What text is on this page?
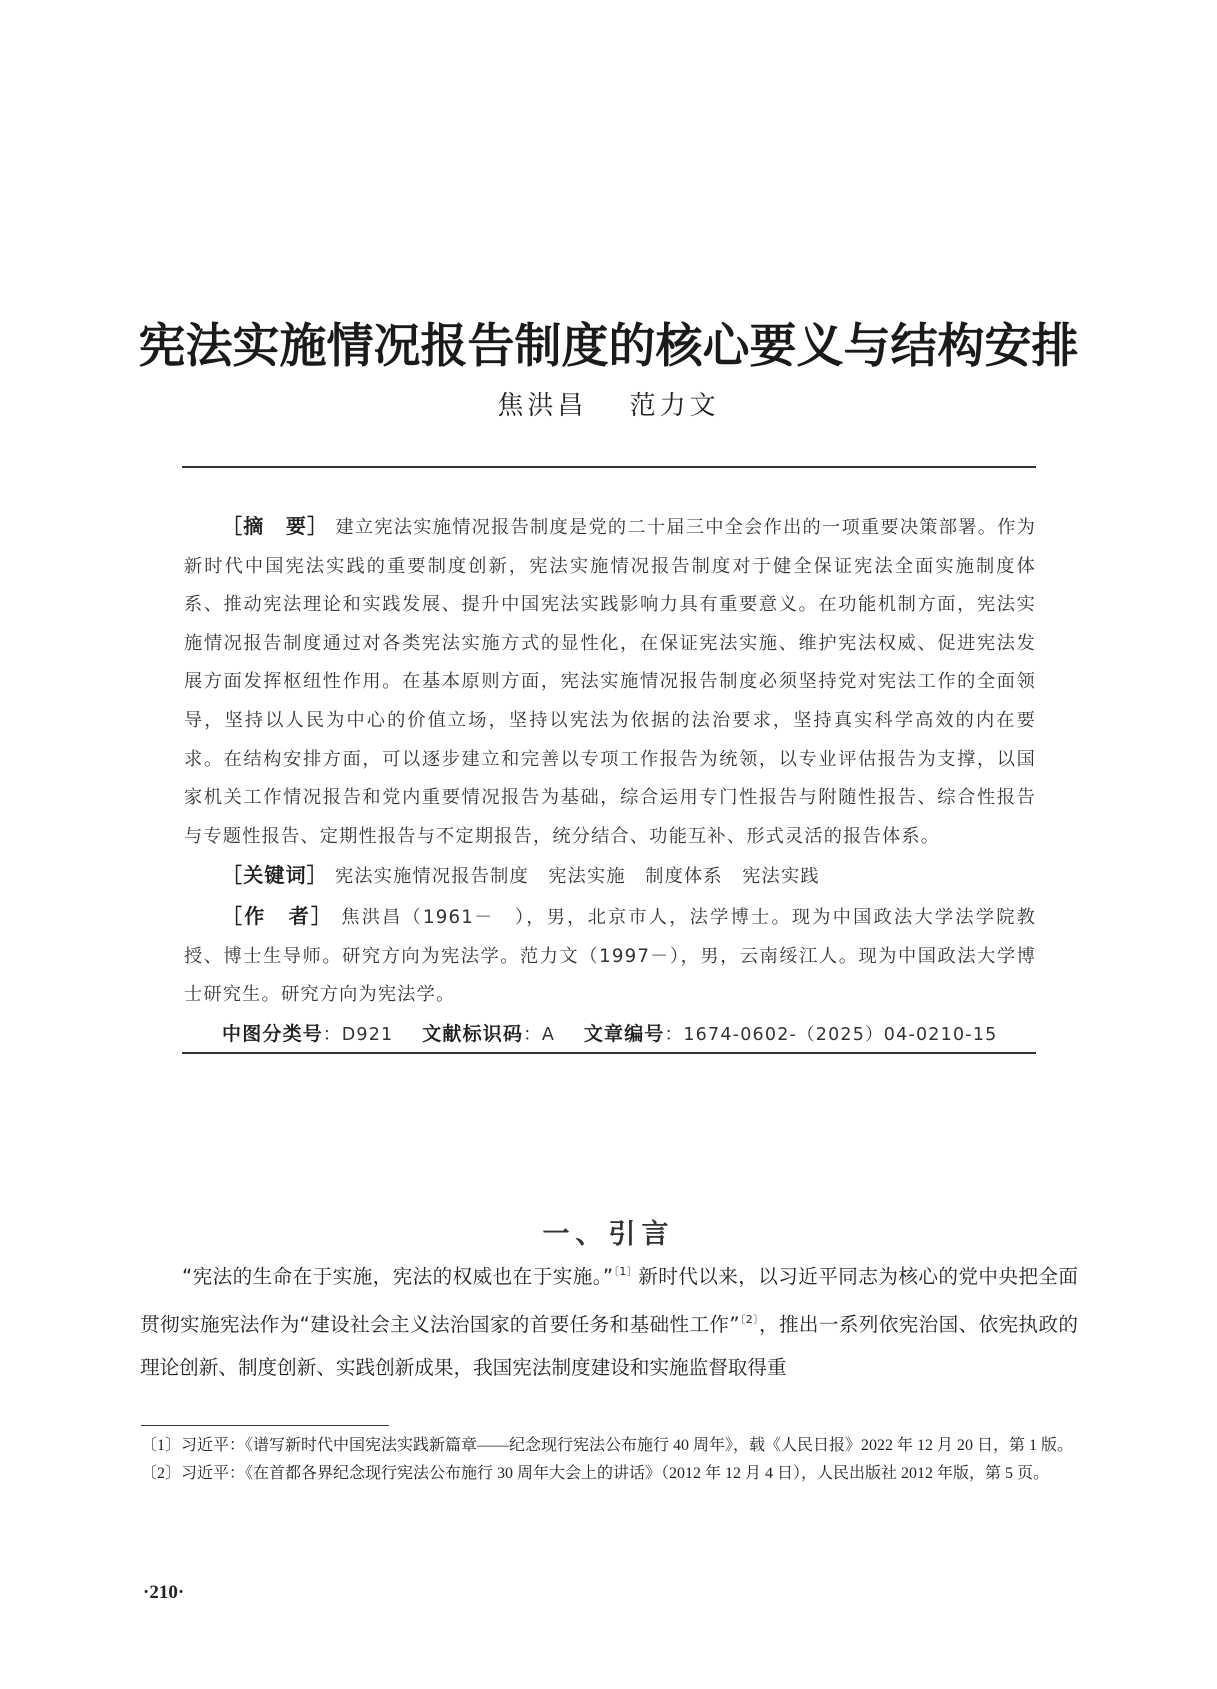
宪法实施情况报告制度的核心要义与结构安排
焦洪昌 范力文

［摘　要］ 建立宪法实施情况报告制度是党的二十届三中全会作出的一项重要决策部署。作为新时代中国宪法实践的重要制度创新，宪法实施情况报告制度对于健全保证宪法全面实施制度体系、推动宪法理论和实践发展、提升中国宪法实践影响力具有重要意义。在功能机制方面，宪法实施情况报告制度通过对各类宪法实施方式的显性化，在保证宪法实施、维护宪法权威、促进宪法发展方面发挥枢纽性作用。在基本原则方面，宪法实施情况报告制度必须坚持党对宪法工作的全面领导，坚持以人民为中心的价值立场，坚持以宪法为依据的法治要求，坚持真实科学高效的内在要求。在结构安排方面，可以逐步建立和完善以专项工作报告为统领，以专业评估报告为支撑，以国家机关工作情况报告和党内重要情况报告为基础，综合运用专门性报告与附随性报告、综合性报告与专题性报告、定期性报告与不定期报告，统分结合、功能互补、形式灵活的报告体系。

［关键词］ 宪法实施情况报告制度　 宪法实施　 制度体系　 宪法实践

［作　者］ 焦洪昌（1961－　），男，北京市人，法学博士。现为中国政法大学法学院教授、博士生导师。研究方向为宪法学。范力文（1997－），男，云南绥江人。现为中国政法大学博士研究生。研究方向为宪法学。

中图分类号：D921 文献标识码：A 文章编号：1674-0602-（2025）04-0210-15

一、引言

“宪法的生命在于实施，宪法的权威也在于实施。”$^{〔1〕}$新时代以来，以习近平同志为核心的党中央把全面贯彻实施宪法作为“建设社会主义法治国家的首要任务和基础性工作”$^{〔2〕}$，推出一系列依宪治国、依宪执政的理论创新、制度创新、实践创新成果，我国宪法制度建设和实施监督取得重

〔1〕习近平：《谱写新时代中国宪法实践新篇章——纪念现行宪法公布施行 40 周年》，载《人民日报》2022 年 12 月 20 日，第 1 版。

〔2〕习近平：《在首都各界纪念现行宪法公布施行 30 周年大会上的讲话》（2012 年 12 月 4 日），人民出版社 2012 年版，第 5 页。

·210·
